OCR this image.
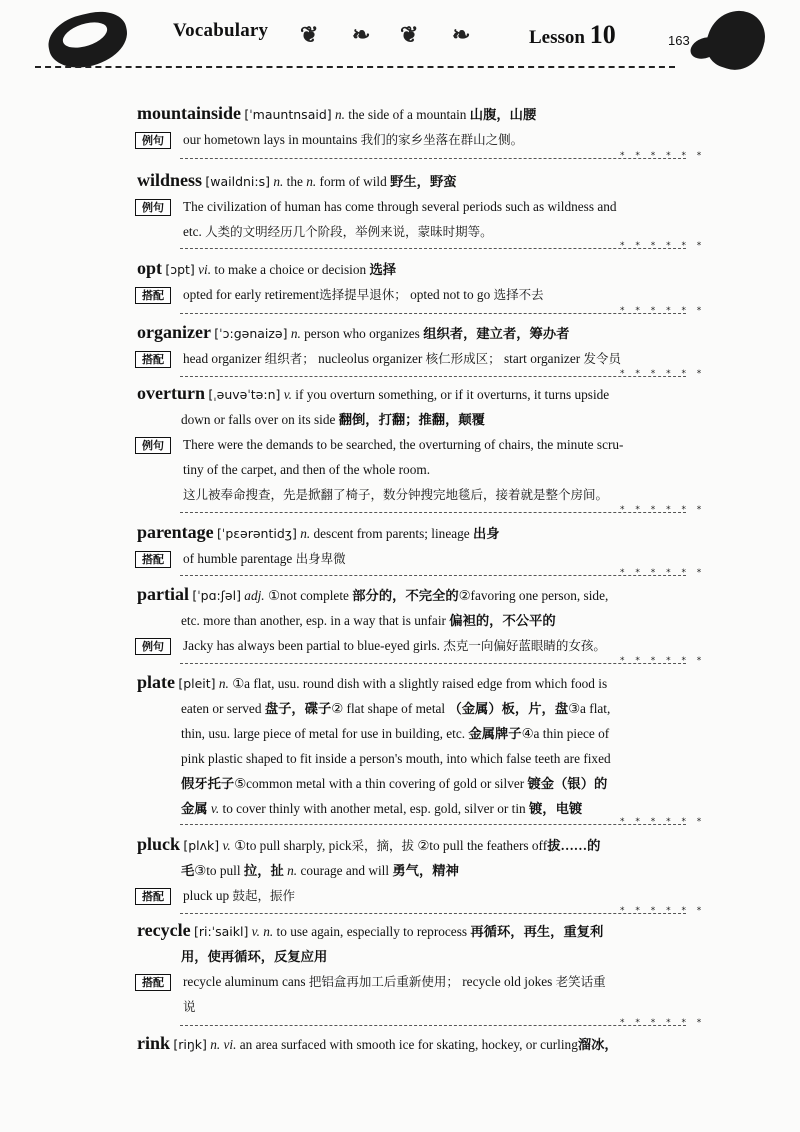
Vocabulary ❦ ❧ ❦ ❧	Lesson 10	163
mountainside [ˈmauntnsaid] n. the side of a mountain 山腹，山腰
例句	our hometown lays in mountains 我们的家乡坐落在群山之侧。
* * * * * *
wildness [waildni:s] n. the n. form of wild 野生，野蛮
例句	The civilization of human has come through several periods such as wildness and
etc. 人类的文明经历几个阶段，举例来说，蒙昧时期等。
* * * * * *
opt [ɔpt] vi. to make a choice or decision 选择
搭配	opted for early retirement选择提早退休； opted not to go 选择不去
* * * * * *
organizer [ˈɔ:gənaizə] n. person who organizes 组织者，建立者，筹办者
搭配	head organizer 组织者； nucleolus organizer 核仁形成区； start organizer 发令员
* * * * * *
overturn [ˌəuvəˈtə:n] v. if you overturn something, or if it overturns, it turns upside
down or falls over on its side 翻倒，打翻；推翻，颠覆
例句	There were the demands to be searched, the overturning of chairs, the minute scru-
tiny of the carpet, and then of the whole room.
这儿被奉命搜查，先是掀翻了椅子，数分钟搜完地毯后，接着就是整个房间。
* * * * * *
parentage [ˈpɛərəntidʒ] n. descent from parents; lineage 出身
搭配	of humble parentage 出身卑微
* * * * * *
partial [ˈpɑ:ʃəl] adj. ①not complete 部分的，不完全的②favoring one person, side,
etc. more than another, esp. in a way that is unfair 偏袒的，不公平的
例句	Jacky has always been partial to blue-eyed girls. 杰克一向偏好蓝眼睛的女孩。
* * * * * *
plate [pleit] n. ①a flat, usu. round dish with a slightly raised edge from which food is
eaten or served 盘子，碟子② flat shape of metal （金属）板，片，盘③a flat,
thin, usu. large piece of metal for use in building, etc. 金属牌子④a thin piece of
pink plastic shaped to fit inside a person's mouth, into which false teeth are fixed
假牙托子⑤common metal with a thin covering of gold or silver 镀金（银）的
金属 v. to cover thinly with another metal, esp. gold, silver or tin 镀，电镀
* * * * * *
pluck [plʌk] v. ①to pull sharply, pick采，摘，拔 ②to pull the feathers off拔……的
毛③to pull 拉，扯 n. courage and will 勇气，精神
搭配	pluck up 鼓起，振作
* * * * * *
recycle [ri:ˈsaikl] v. n. to use again, especially to reprocess 再循环，再生，重复利
用，使再循环，反复应用
搭配	recycle aluminum cans 把铝盒再加工后重新使用； recycle old jokes 老笑话重
说
* * * * * *
rink [riŋk] n. vi. an area surfaced with smooth ice for skating, hockey, or curling溜冰，
